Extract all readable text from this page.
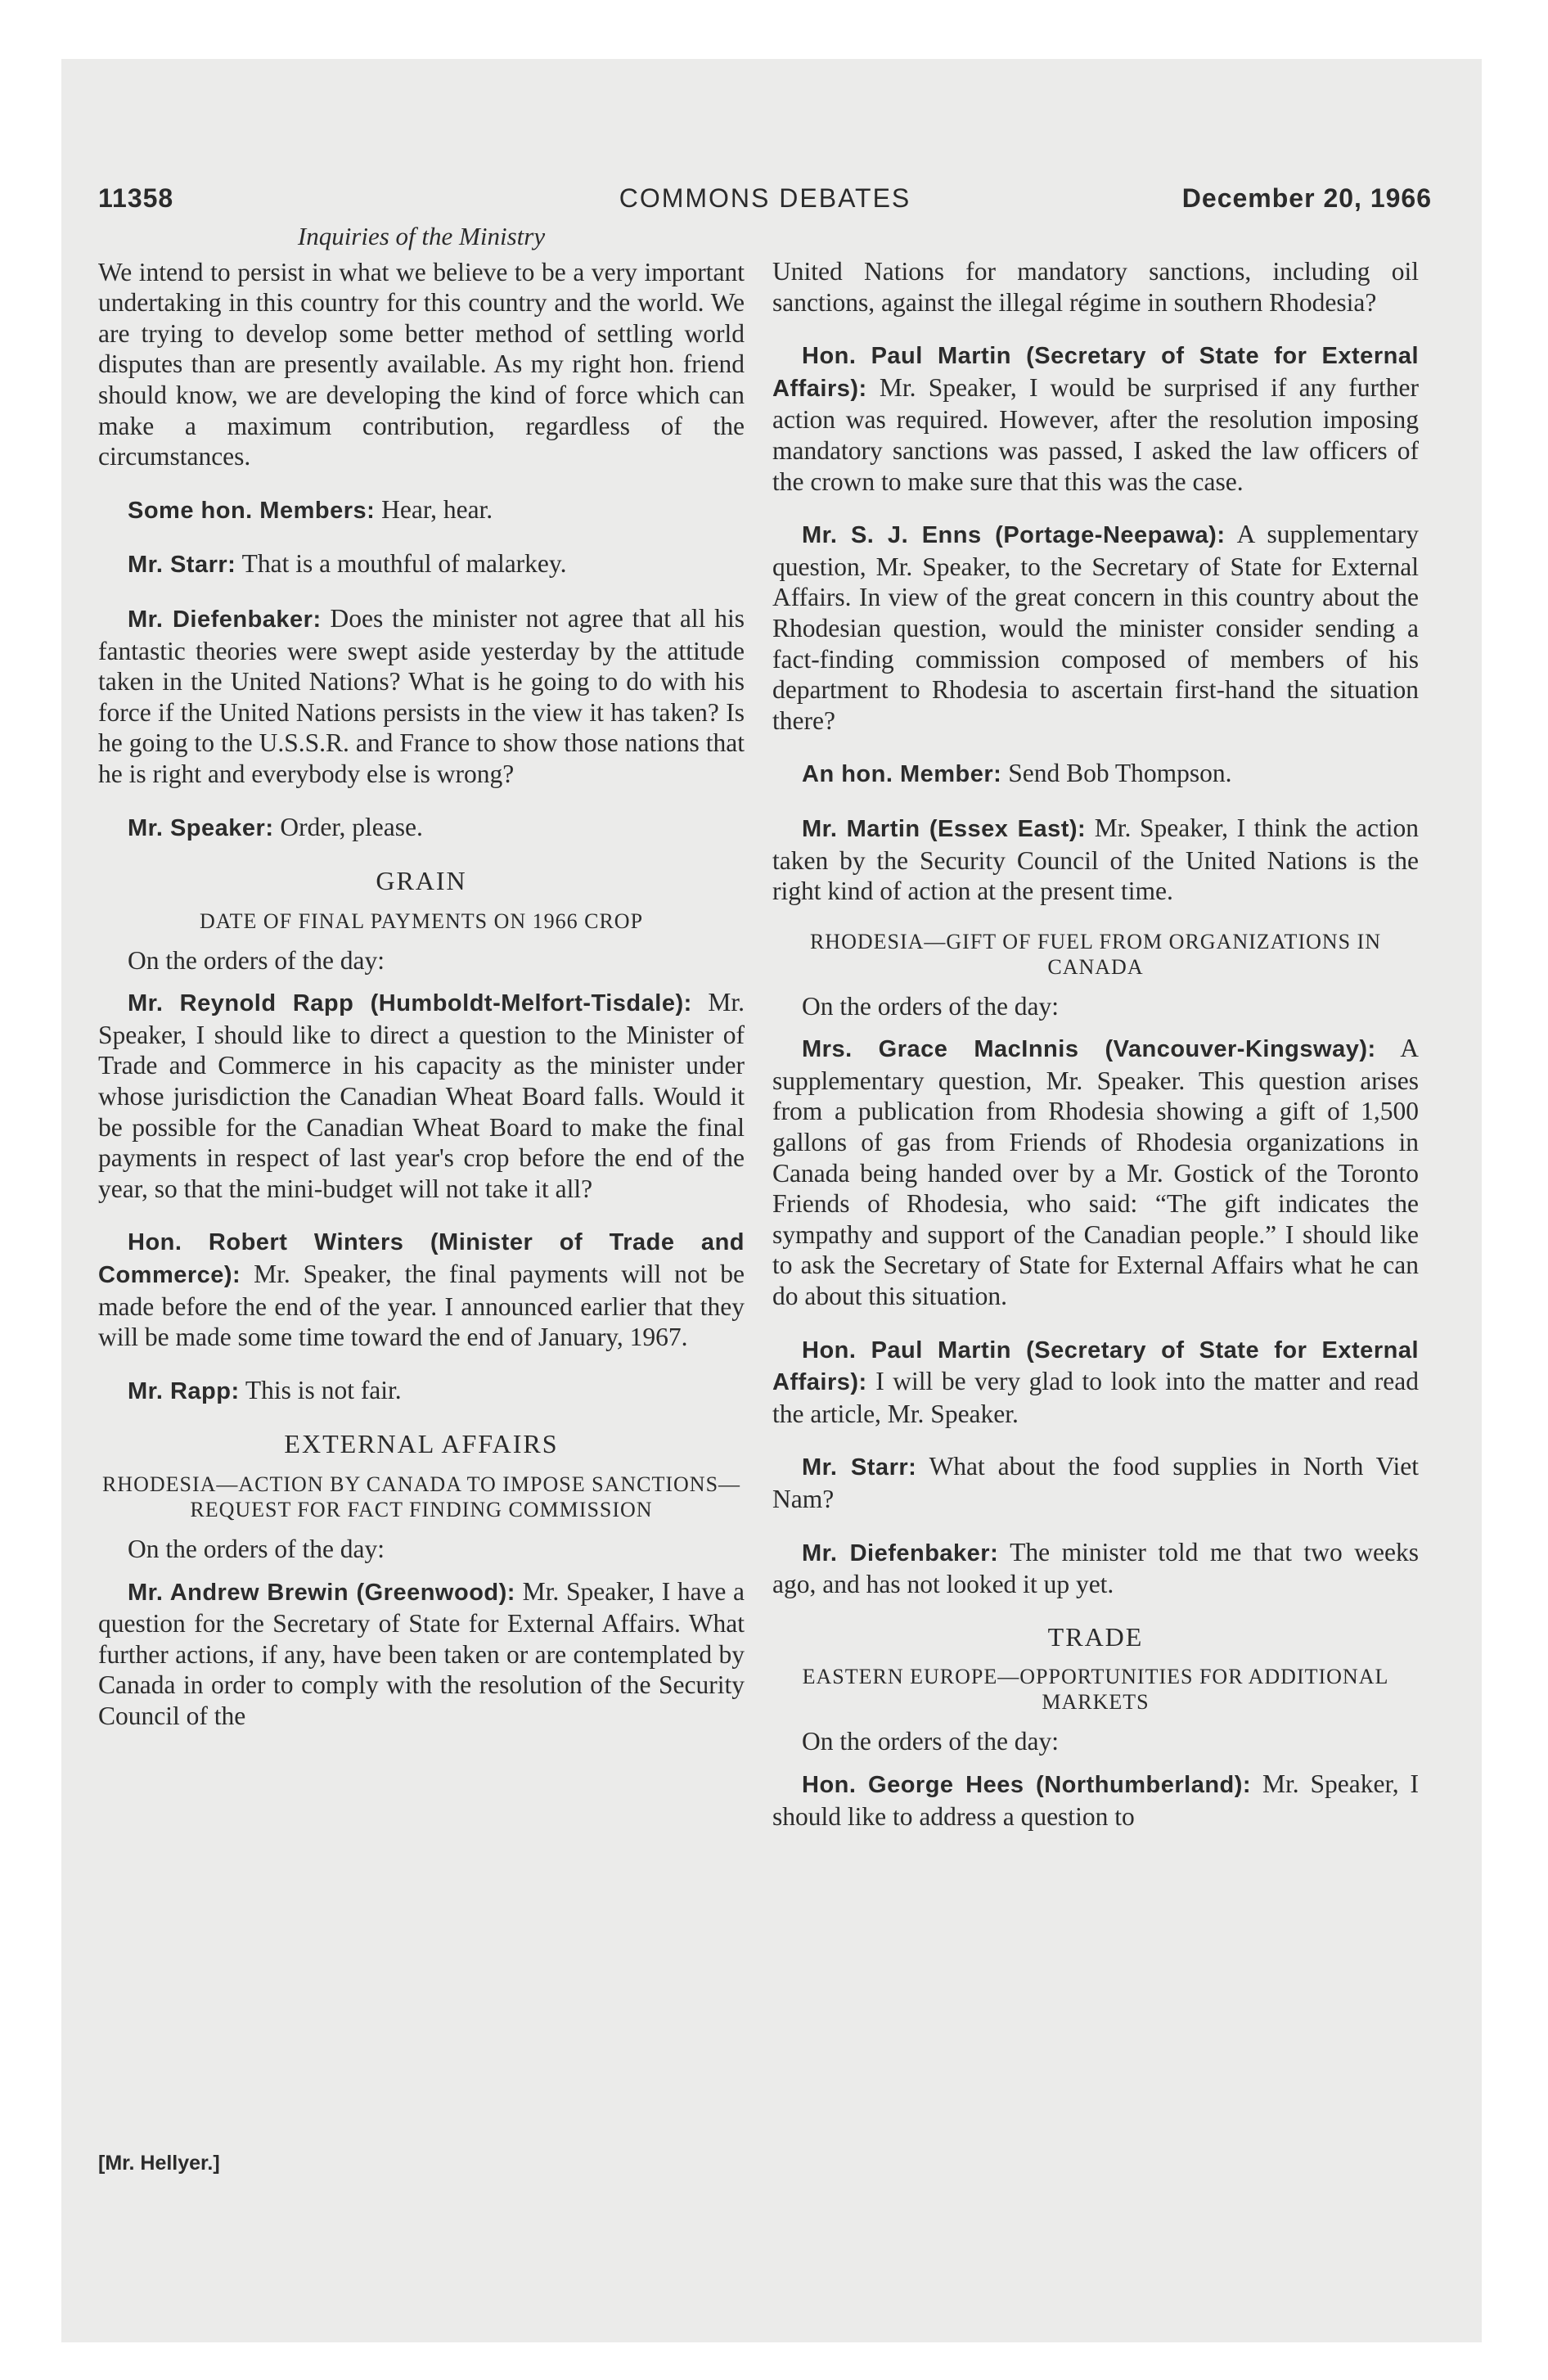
11358	COMMONS DEBATES	December 20, 1966
Inquiries of the Ministry

We intend to persist in what we believe to be a very important undertaking in this country for this country and the world. We are trying to develop some better method of settling world disputes than are presently available. As my right hon. friend should know, we are developing the kind of force which can make a maximum contribution, regardless of the circumstances.

Some hon. Members: Hear, hear.

Mr. Starr: That is a mouthful of malarkey.

Mr. Diefenbaker: Does the minister not agree that all his fantastic theories were swept aside yesterday by the attitude taken in the United Nations? What is he going to do with his force if the United Nations persists in the view it has taken? Is he going to the U.S.S.R. and France to show those nations that he is right and everybody else is wrong?

Mr. Speaker: Order, please.

GRAIN
DATE OF FINAL PAYMENTS ON 1966 CROP
On the orders of the day:

Mr. Reynold Rapp (Humboldt-Melfort-Tisdale): Mr. Speaker, I should like to direct a question to the Minister of Trade and Commerce in his capacity as the minister under whose jurisdiction the Canadian Wheat Board falls. Would it be possible for the Canadian Wheat Board to make the final payments in respect of last year's crop before the end of the year, so that the mini-budget will not take it all?

Hon. Robert Winters (Minister of Trade and Commerce): Mr. Speaker, the final payments will not be made before the end of the year. I announced earlier that they will be made some time toward the end of January, 1967.

Mr. Rapp: This is not fair.

EXTERNAL AFFAIRS
RHODESIA—ACTION BY CANADA TO IMPOSE SANCTIONS—REQUEST FOR FACT FINDING COMMISSION
On the orders of the day:

Mr. Andrew Brewin (Greenwood): Mr. Speaker, I have a question for the Secretary of State for External Affairs. What further actions, if any, have been taken or are contemplated by Canada in order to comply with the resolution of the Security Council of the

[Mr. Hellyer.]

United Nations for mandatory sanctions, including oil sanctions, against the illegal régime in southern Rhodesia?

Hon. Paul Martin (Secretary of State for External Affairs): Mr. Speaker, I would be surprised if any further action was required. However, after the resolution imposing mandatory sanctions was passed, I asked the law officers of the crown to make sure that this was the case.

Mr. S. J. Enns (Portage-Neepawa): A supplementary question, Mr. Speaker, to the Secretary of State for External Affairs. In view of the great concern in this country about the Rhodesian question, would the minister consider sending a fact-finding commission composed of members of his department to Rhodesia to ascertain first-hand the situation there?

An hon. Member: Send Bob Thompson.

Mr. Martin (Essex East): Mr. Speaker, I think the action taken by the Security Council of the United Nations is the right kind of action at the present time.

RHODESIA—GIFT OF FUEL FROM ORGANIZATIONS IN CANADA
On the orders of the day:

Mrs. Grace MacInnis (Vancouver-Kingsway): A supplementary question, Mr. Speaker. This question arises from a publication from Rhodesia showing a gift of 1,500 gallons of gas from Friends of Rhodesia organizations in Canada being handed over by a Mr. Gostick of the Toronto Friends of Rhodesia, who said: “The gift indicates the sympathy and support of the Canadian people.” I should like to ask the Secretary of State for External Affairs what he can do about this situation.

Hon. Paul Martin (Secretary of State for External Affairs): I will be very glad to look into the matter and read the article, Mr. Speaker.

Mr. Starr: What about the food supplies in North Viet Nam?

Mr. Diefenbaker: The minister told me that two weeks ago, and has not looked it up yet.

TRADE
EASTERN EUROPE—OPPORTUNITIES FOR ADDITIONAL MARKETS
On the orders of the day:

Hon. George Hees (Northumberland): Mr. Speaker, I should like to address a question to
